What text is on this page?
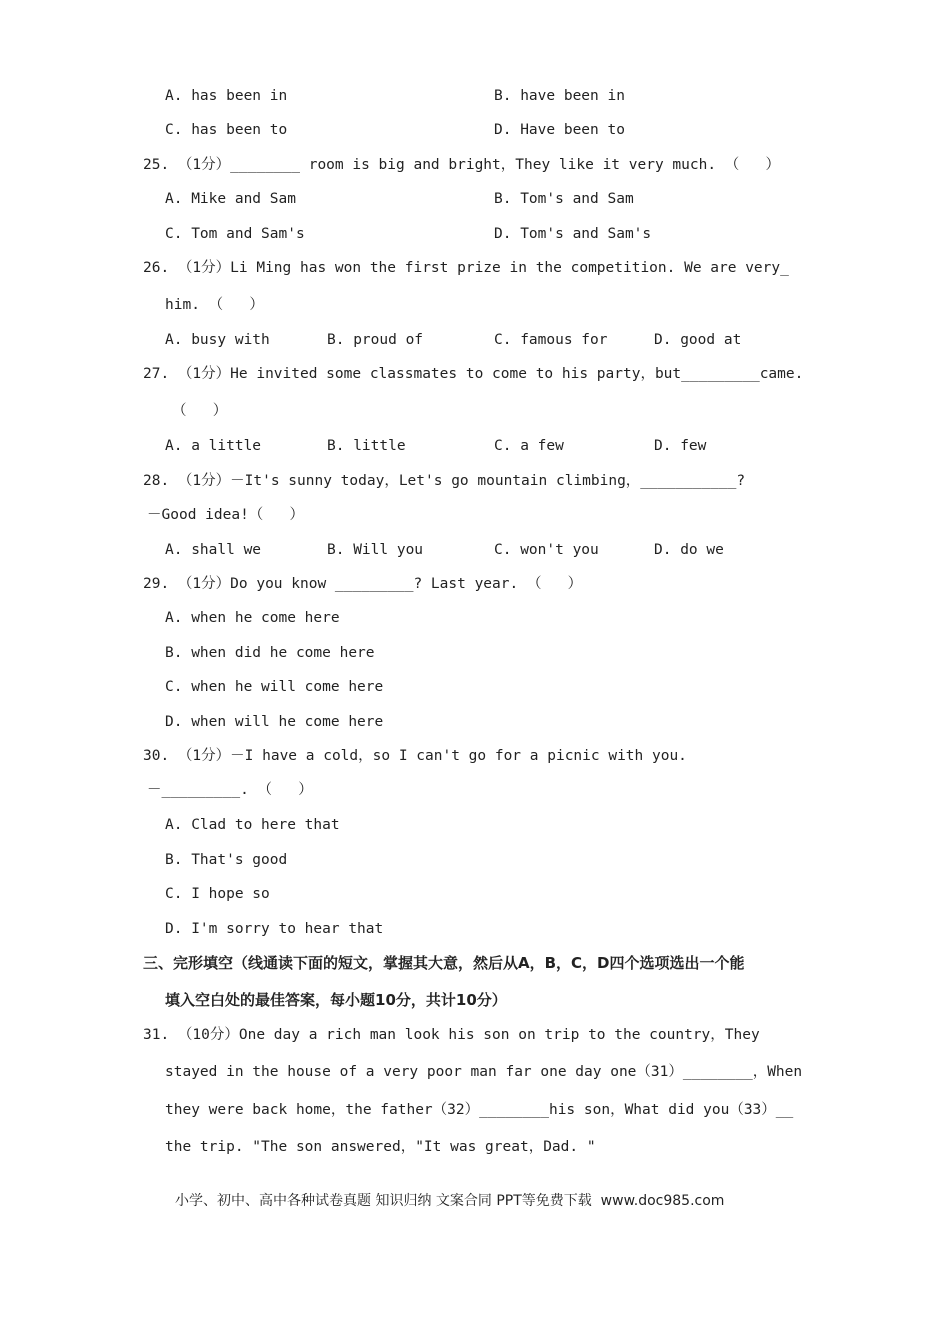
A. has been in	B. have been in
C. has been to	D. Have been to
25. （1分）________ room is big and bright，They like it very much. （   ）
A. Mike and Sam	B. Tom's and Sam
C. Tom and Sam's	D. Tom's and Sam's
26. （1分）Li Ming has won the first prize in the competition. We are very_
him. （   ）
A. busy with	B. proud of	C. famous for	D. good at
27. （1分）He invited some classmates to come to his party，but_________came.
（   ）
A. a little	B. little	C. a few	D. few
28. （1分）－It's sunny today，Let's go mountain climbing，___________?
－Good idea!（   ）
A. shall we	B. Will you	C. won't you	D. do we
29. （1分）Do you know _________? Last year. （   ）
A. when he come here
B. when did he come here
C. when he will come here
D. when will he come here
30. （1分）－I have a cold，so I can't go for a picnic with you.
－_________. （   ）
A. Clad to here that
B. That's good
C. I hope so
D. I'm sorry to hear that
三、完形填空（线通读下面的短文，掌握其大意，然后从A，B，C，D四个选项选出一个能
填入空白处的最佳答案，每小题10分，共计10分）
31. （10分）One day a rich man look his son on trip to the country，They
stayed in the house of a very poor man far one day one（31）________，When
they were back home，the father（32）________his son，What did you（33）__
the trip. "The son answered，"It was great，Dad. "
小学、初中、高中各种试卷真题 知识归纳 文案合同 PPT等免费下载  www.doc985.com
